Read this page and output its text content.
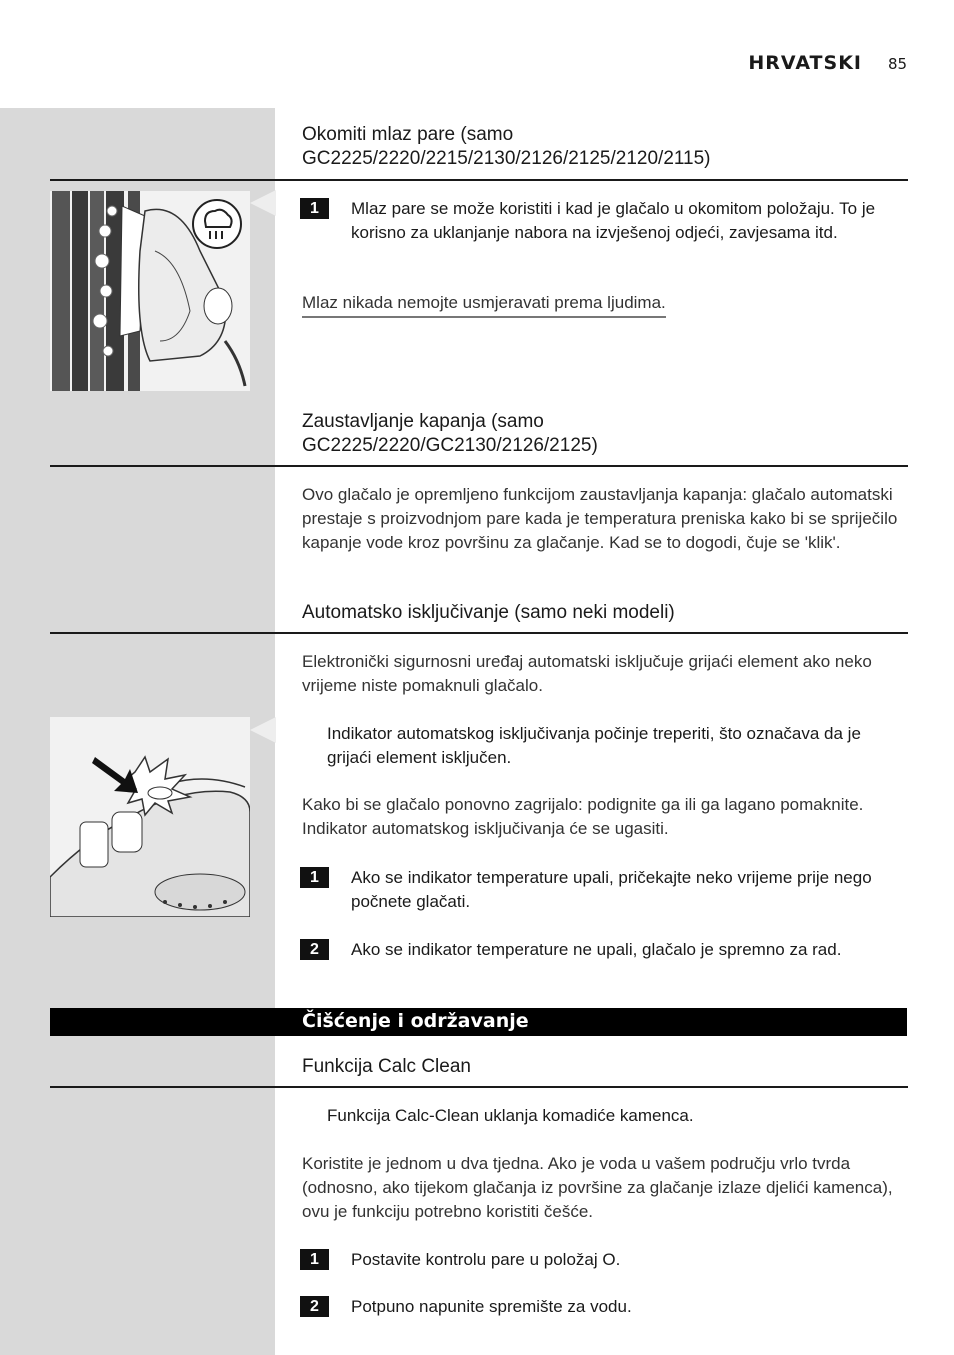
HRVATSKI 85
Okomiti mlaz pare (samo
GC2225/2220/2215/2130/2126/2125/2120/2115)
1	Mlaz pare se može koristiti i kad je glačalo u okomitom položaju. To je korisno za uklanjanje nabora na izvješenoj odjeći, zavjesama itd.
Mlaz nikada nemojte usmjeravati prema ljudima.
Zaustavljanje kapanja (samo
GC2225/2220/GC2130/2126/2125)
Ovo glačalo je opremljeno funkcijom zaustavljanja kapanja: glačalo automatski prestaje s proizvodnjom pare kada je temperatura preniska kako bi se spriječilo kapanje vode kroz površinu za glačanje. Kad se to dogodi, čuje se 'klik'.
Automatsko isključivanje (samo neki modeli)
Elektronički sigurnosni uređaj automatski isključuje grijaći element ako neko vrijeme niste pomaknuli glačalo.
Indikator automatskog isključivanja počinje treperiti, što označava da je grijaći element isključen.
Kako bi se glačalo ponovno zagrijalo: podignite ga ili ga lagano pomaknite. Indikator automatskog isključivanja će se ugasiti.
1	Ako se indikator temperature upali, pričekajte neko vrijeme prije nego počnete glačati.
2	Ako se indikator temperature ne upali, glačalo je spremno za rad.
Čišćenje i održavanje
Funkcija Calc Clean
Funkcija Calc-Clean uklanja komadiće kamenca.
Koristite je jednom u dva tjedna. Ako je voda u vašem području vrlo tvrda (odnosno, ako tijekom glačanja iz površine za glačanje izlaze djelići kamenca), ovu je funkciju potrebno koristiti češće.
1	Postavite kontrolu pare u položaj O.
2	Potpuno napunite spremište za vodu.
